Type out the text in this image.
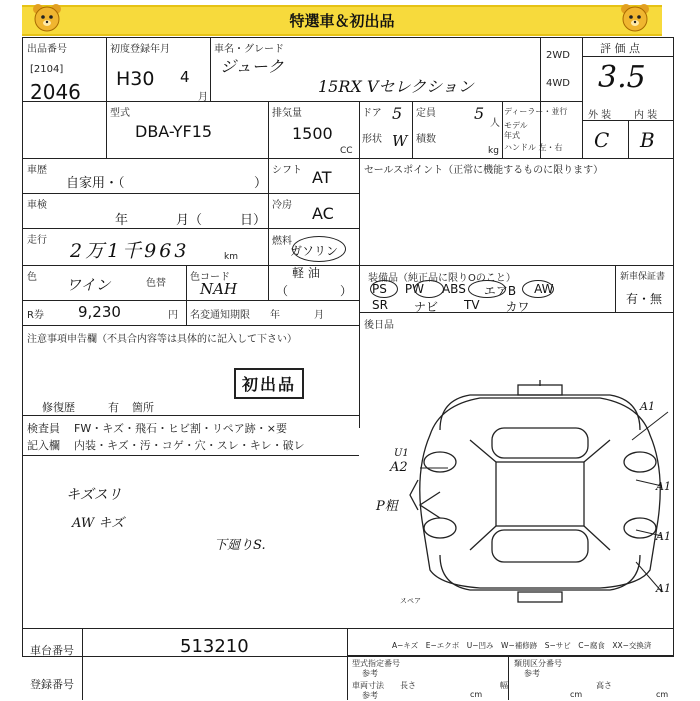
特選車＆初出品
出品番号
[2104]
2046
初度登録年月
H30 4
月
車名・グレード
ジューク
15RX Vセレクション
2WD
4WD
評 価 点
3.5
型式
DBA-YF15
排気量
1500
CC
ドア 5 定員 5
人
形状 W 積数
kg
ディーラー・並行
モデル
年式
ハンドル 左・右
外 装 内 装
C B
車歴
自家用・（	）
車検
年	月（	日）
シフト AT
冷房 AC
燃料
ガソリン
軽 油
（	）
走行 2万1千963	km
色 ワイン	色替
色コード
NAH
R券 9,230	円 名変通知期限 年	月
セールスポイント（正常に機能するものに限ります）
装備品（純正品に限りOのこと）
PS PW ABS エアB AW
SR ナビ TV カワ
新車保証書
有・無
後日品
注意事項申告欄（不具合内容等は具体的に記入して下さい）
初出品
修復歴	有 箇所
検査員
記入欄
FW・キズ・飛石・ヒビ割・リペア跡・×要
内装・キズ・汚・コゲ・穴・スレ・キレ・破レ
キズスリ
AW キズ
下廻りS.
U1
A2
P粗
A1
A1
A1
A1
スペア
車台番号	513210
登録番号
A−キズ　E−エクボ　U−凹み　W−補修跡　S−サビ　C−腐食　XX−交換済
型式指定番号
参考
類別区分番号
参考
車両寸法
参考
長さ
cm
幅
cm
高さ
cm
